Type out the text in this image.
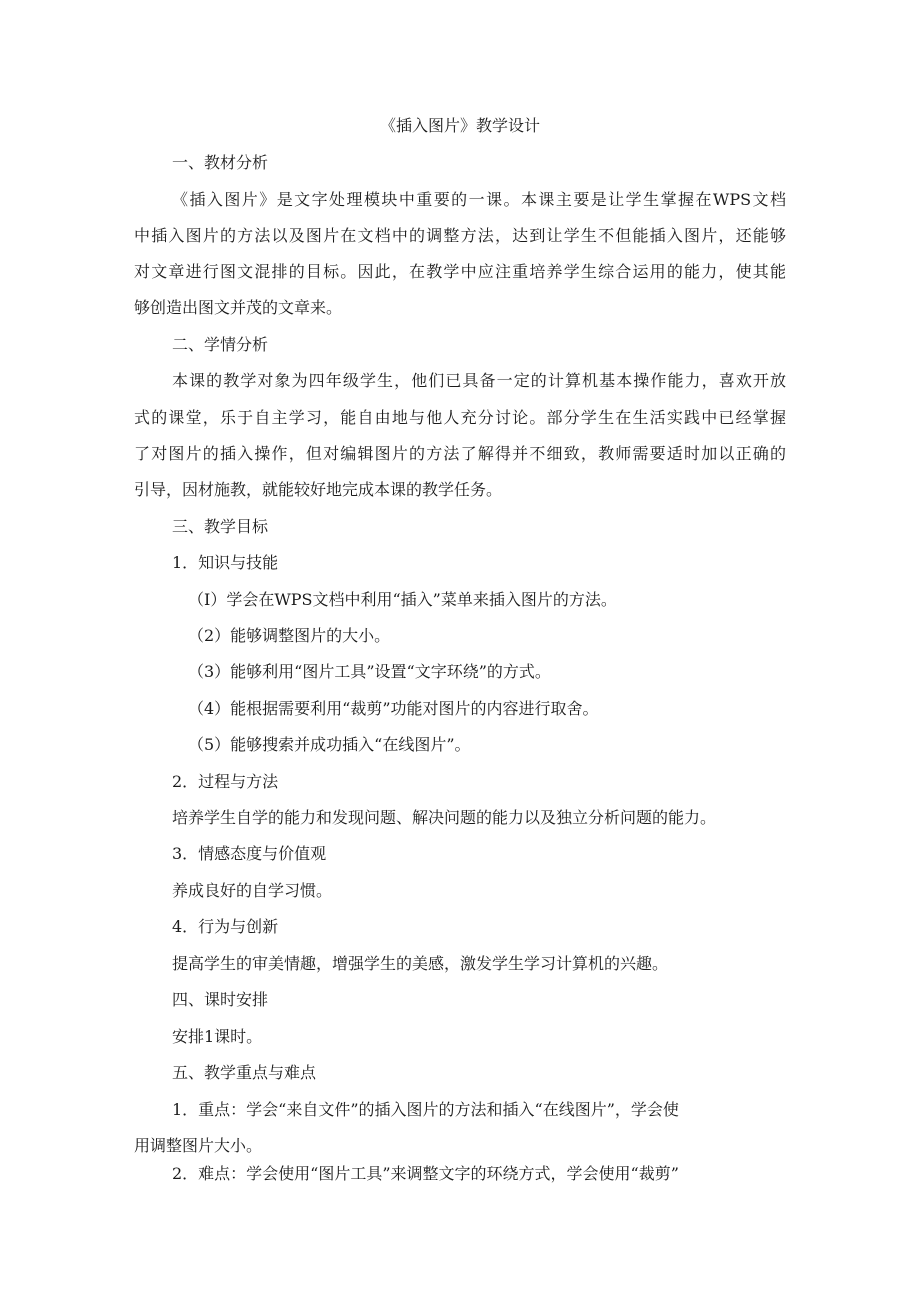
《插入图片》教学设计

一、教材分析

《插入图片》是文字处理模块中重要的一课。本课主要是让学生掌握在WPS文档

中插入图片的方法以及图片在文档中的调整方法，达到让学生不但能插入图片，还能够

对文章进行图文混排的目标。因此，在教学中应注重培养学生综合运用的能力，使其能

够创造出图文并茂的文章来。

二、学情分析

本课的教学对象为四年级学生，他们已具备一定的计算机基本操作能力，喜欢开放

式的课堂，乐于自主学习，能自由地与他人充分讨论。部分学生在生活实践中已经掌握

了对图片的插入操作，但对编辑图片的方法了解得并不细致，教师需要适时加以正确的

引导，因材施教，就能较好地完成本课的教学任务。

三、教学目标

1．知识与技能

（I）学会在WPS文档中利用“插入”菜单来插入图片的方法。

（2）能够调整图片的大小。

（3）能够利用“图片工具”设置“文字环绕”的方式。

（4）能根据需要利用“裁剪”功能对图片的内容进行取舍。

（5）能够搜索并成功插入“在线图片”。

2．过程与方法

培养学生自学的能力和发现问题、解决问题的能力以及独立分析问题的能力。

3．情感态度与价值观

养成良好的自学习惯。

4．行为与创新

提高学生的审美情趣，增强学生的美感，激发学生学习计算机的兴趣。

四、课时安排

安排1课时。

五、教学重点与难点

1．重点：学会“来自文件”的插入图片的方法和插入“在线图片”，学会使

用调整图片大小。

2．难点：学会使用“图片工具”来调整文字的环绕方式，学会使用“裁剪”
